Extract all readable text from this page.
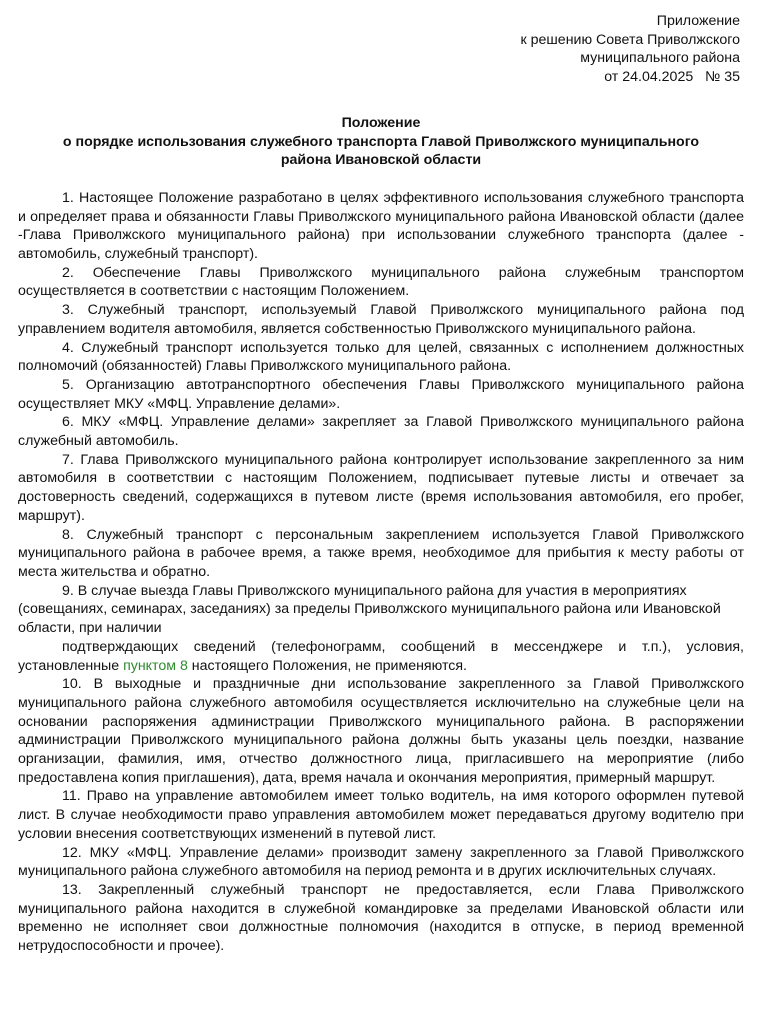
Приложение
к решению Совета Приволжского
муниципального района
от 24.04.2025   № 35
Положение
о порядке использования служебного транспорта Главой Приволжского муниципального
района Ивановской области

1. Настоящее Положение разработано в целях эффективного использования служебного транспорта и определяет права и обязанности Главы Приволжского муниципального района Ивановской области (далее -Глава Приволжского муниципального района) при использовании служебного транспорта (далее - автомобиль, служебный транспорт).

2. Обеспечение Главы Приволжского муниципального района служебным транспортом осуществляется в соответствии с настоящим Положением.

3. Служебный транспорт, используемый Главой Приволжского муниципального района под управлением водителя автомобиля, является собственностью Приволжского муниципального района.

4. Служебный транспорт используется только для целей, связанных с исполнением должностных полномочий (обязанностей) Главы Приволжского муниципального района.

5. Организацию автотранспортного обеспечения Главы Приволжского муниципального района осуществляет МКУ «МФЦ. Управление делами».

6. МКУ «МФЦ. Управление делами» закрепляет за Главой Приволжского муниципального района служебный автомобиль.

7. Глава Приволжского муниципального района контролирует использование закрепленного за ним автомобиля в соответствии с настоящим Положением, подписывает путевые листы и отвечает за достоверность сведений, содержащихся в путевом листе (время использования автомобиля, его пробег, маршрут).

8. Служебный транспорт с персональным закреплением используется Главой Приволжского муниципального района в рабочее время, а также время, необходимое для прибытия к месту работы от места жительства и обратно.

9. В случае выезда Главы Приволжского муниципального района для участия в мероприятиях (совещаниях, семинарах, заседаниях) за пределы Приволжского муниципального района или Ивановской области, при наличии

подтверждающих сведений (телефонограмм, сообщений в мессенджере и т.п.), условия, установленные пунктом 8 настоящего Положения, не применяются.

10. В выходные и праздничные дни использование закрепленного за Главой Приволжского муниципального района служебного автомобиля осуществляется исключительно на служебные цели на основании распоряжения администрации Приволжского муниципального района. В распоряжении администрации Приволжского муниципального района должны быть указаны цель поездки, название организации, фамилия, имя, отчество должностного лица, пригласившего на мероприятие (либо предоставлена копия приглашения), дата, время начала и окончания мероприятия, примерный маршрут.

11. Право на управление автомобилем имеет только водитель, на имя которого оформлен путевой лист. В случае необходимости право управления автомобилем может передаваться другому водителю при условии внесения соответствующих изменений в путевой лист.

12. МКУ «МФЦ. Управление делами» производит замену закрепленного за Главой Приволжского муниципального района служебного автомобиля на период ремонта и в других исключительных случаях.

13. Закрепленный служебный транспорт не предоставляется, если Глава Приволжского муниципального района находится в служебной командировке за пределами Ивановской области или временно не исполняет свои должностные полномочия (находится в отпуске, в период временной нетрудоспособности и прочее).
